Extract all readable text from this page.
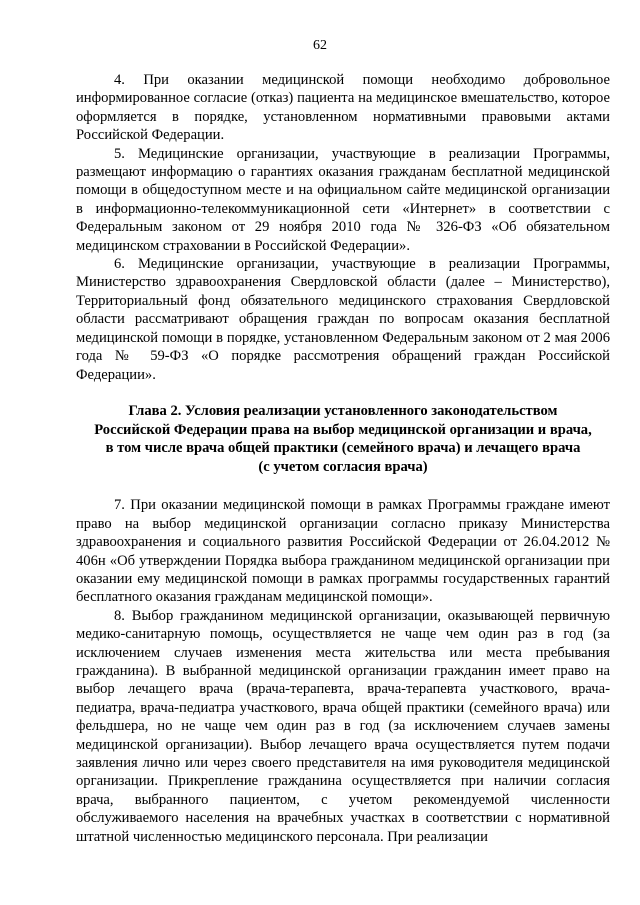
62

4. При оказании медицинской помощи необходимо добровольное информированное согласие (отказ) пациента на медицинское вмешательство, которое оформляется в порядке, установленном нормативными правовыми актами Российской Федерации.

5. Медицинские организации, участвующие в реализации Программы, размещают информацию о гарантиях оказания гражданам бесплатной медицинской помощи в общедоступном месте и на официальном сайте медицинской организации в информационно-телекоммуникационной сети «Интернет» в соответствии с Федеральным законом от 29 ноября 2010 года № 326-ФЗ «Об обязательном медицинском страховании в Российской Федерации».

6. Медицинские организации, участвующие в реализации Программы, Министерство здравоохранения Свердловской области (далее – Министерство), Территориальный фонд обязательного медицинского страхования Свердловской области рассматривают обращения граждан по вопросам оказания бесплатной медицинской помощи в порядке, установленном Федеральным законом от 2 мая 2006 года № 59-ФЗ «О порядке рассмотрения обращений граждан Российской Федерации».

Глава 2. Условия реализации установленного законодательством
Российской Федерации права на выбор медицинской организации и врача,
в том числе врача общей практики (семейного врача) и лечащего врача
(с учетом согласия врача)

7. При оказании медицинской помощи в рамках Программы граждане имеют право на выбор медицинской организации согласно приказу Министерства здравоохранения и социального развития Российской Федерации от 26.04.2012 № 406н «Об утверждении Порядка выбора гражданином медицинской организации при оказании ему медицинской помощи в рамках программы государственных гарантий бесплатного оказания гражданам медицинской помощи».

8. Выбор гражданином медицинской организации, оказывающей первичную медико-санитарную помощь, осуществляется не чаще чем один раз в год (за исключением случаев изменения места жительства или места пребывания гражданина). В выбранной медицинской организации гражданин имеет право на выбор лечащего врача (врача-терапевта, врача-терапевта участкового, врача-педиатра, врача-педиатра участкового, врача общей практики (семейного врача) или фельдшера, но не чаще чем один раз в год (за исключением случаев замены медицинской организации). Выбор лечащего врача осуществляется путем подачи заявления лично или через своего представителя на имя руководителя медицинской организации. Прикрепление гражданина осуществляется при наличии согласия врача, выбранного пациентом, с учетом рекомендуемой численности обслуживаемого населения на врачебных участках в соответствии с нормативной штатной численностью медицинского персонала. При реализации
